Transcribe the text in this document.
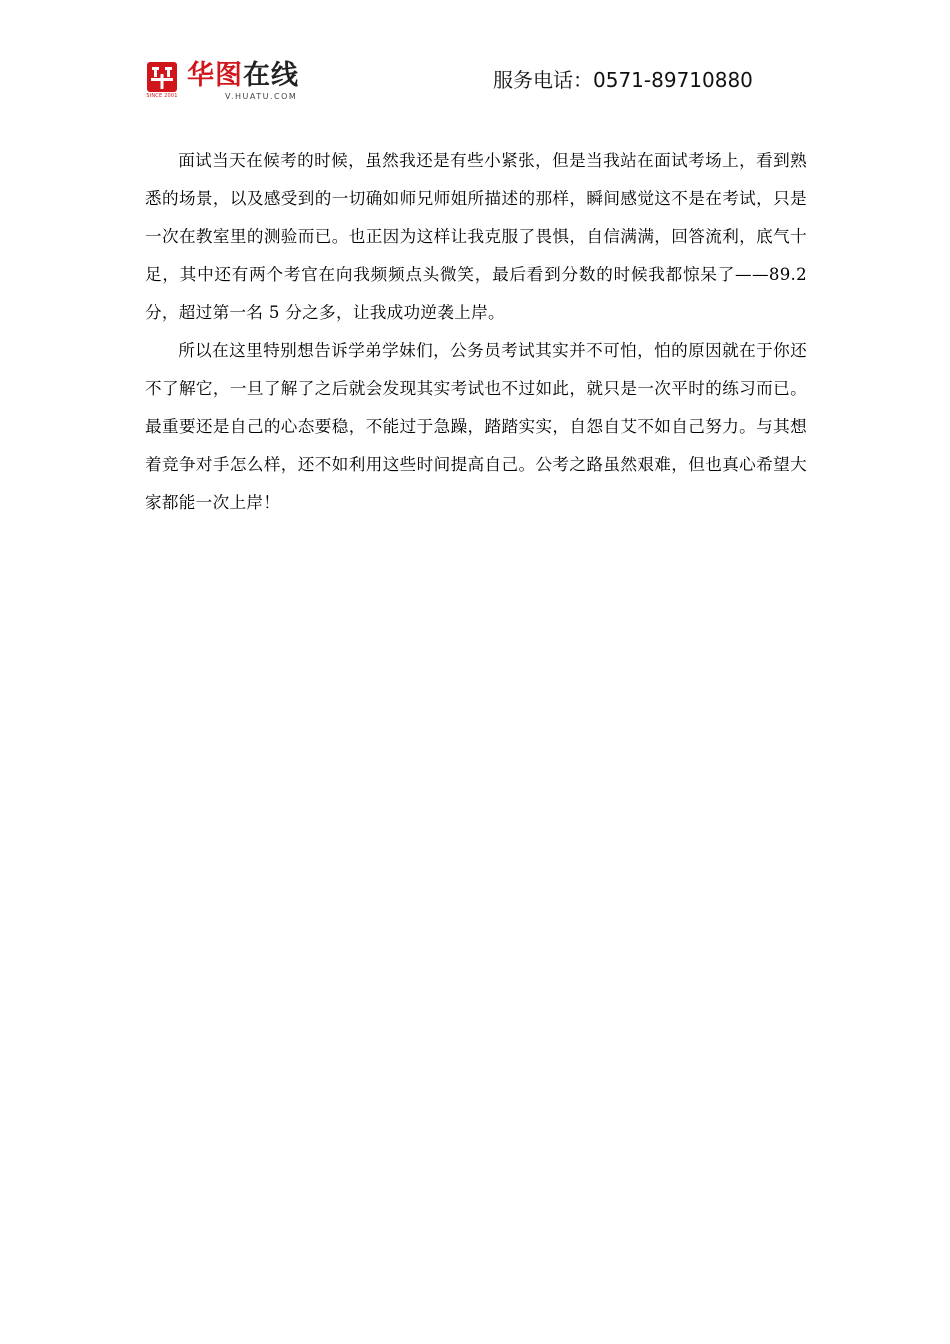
SINCE 2001
华图在线
V.HUATU.COM
服务电话：0571-89710880

面试当天在候考的时候，虽然我还是有些小紧张，但是当我站在面试考场上，看到熟悉的场景，以及感受到的一切确如师兄师姐所描述的那样，瞬间感觉这不是在考试，只是一次在教室里的测验而已。也正因为这样让我克服了畏惧，自信满满，回答流利，底气十足，其中还有两个考官在向我频频点头微笑，最后看到分数的时候我都惊呆了——89.2 分，超过第一名 5 分之多，让我成功逆袭上岸。

所以在这里特别想告诉学弟学妹们，公务员考试其实并不可怕，怕的原因就在于你还不了解它，一旦了解了之后就会发现其实考试也不过如此，就只是一次平时的练习而已。最重要还是自己的心态要稳，不能过于急躁，踏踏实实，自怨自艾不如自己努力。与其想着竞争对手怎么样，还不如利用这些时间提高自己。公考之路虽然艰难，但也真心希望大家都能一次上岸！
